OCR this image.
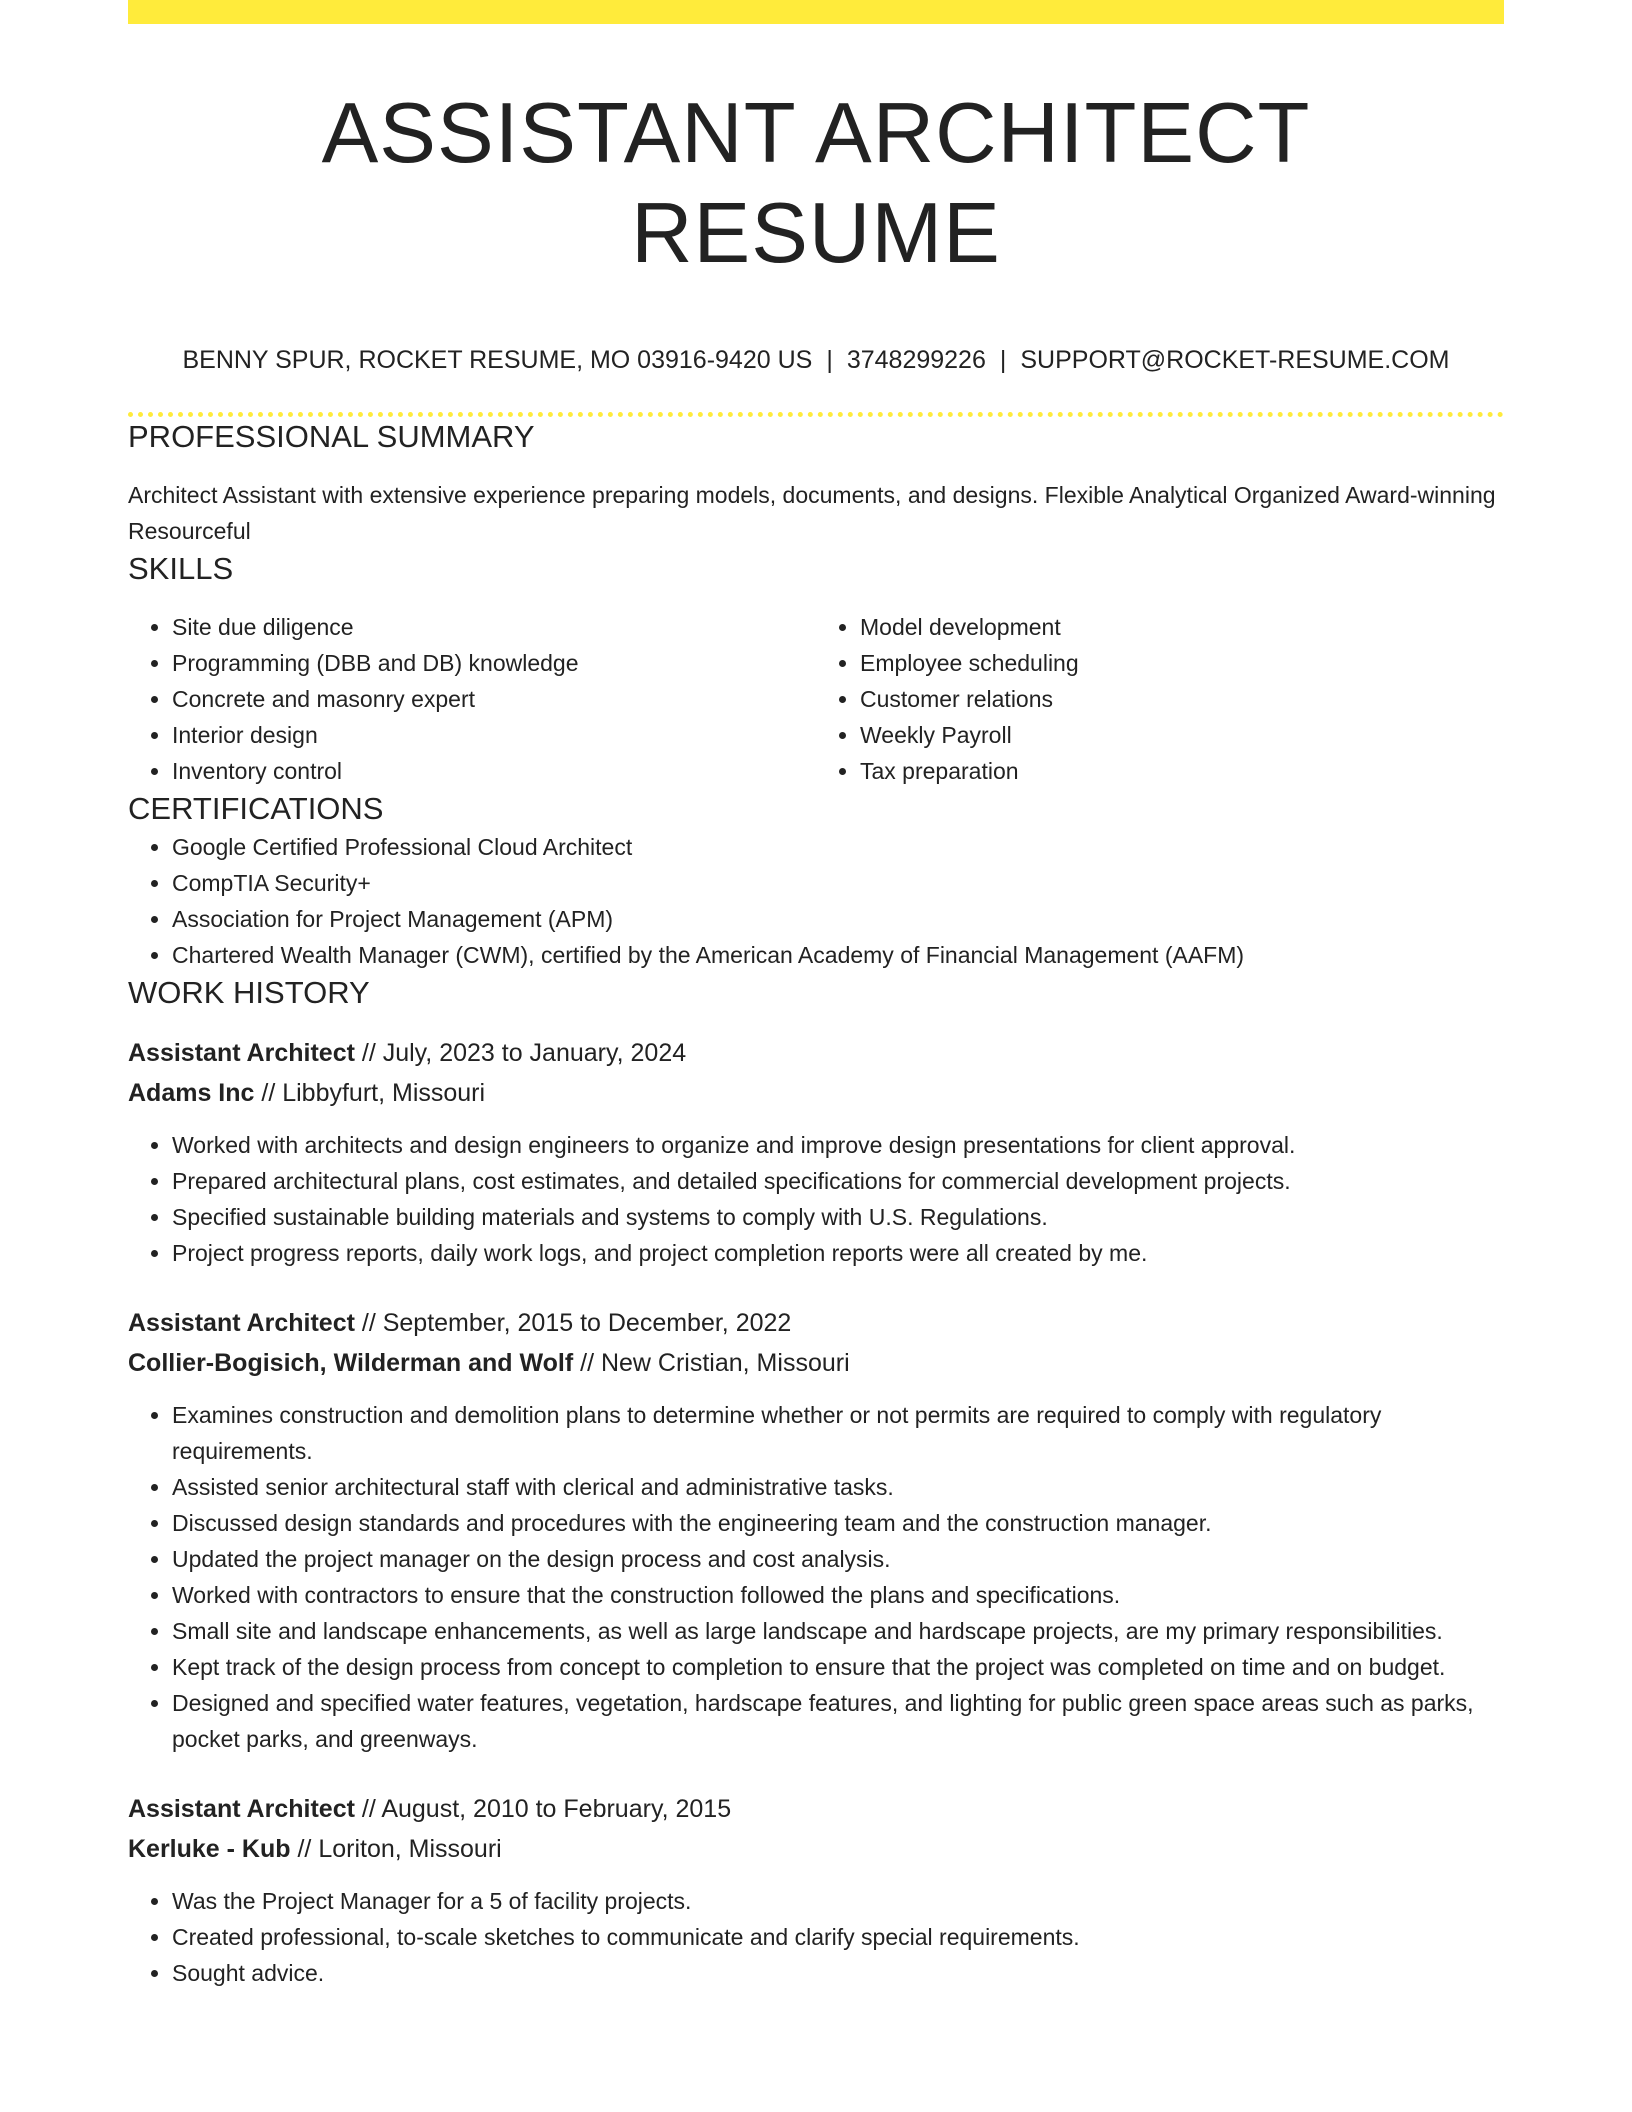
ASSISTANT ARCHITECT RESUME
BENNY SPUR, ROCKET RESUME, MO 03916-9420 US | 3748299226 | SUPPORT@ROCKET-RESUME.COM
PROFESSIONAL SUMMARY

Architect Assistant with extensive experience preparing models, documents, and designs. Flexible Analytical Organized Award-winning Resourceful

SKILLS
• Site due diligence
• Programming (DBB and DB) knowledge
• Concrete and masonry expert
• Interior design
• Inventory control
• Model development
• Employee scheduling
• Customer relations
• Weekly Payroll
• Tax preparation
CERTIFICATIONS
• Google Certified Professional Cloud Architect
• CompTIA Security+
• Association for Project Management (APM)
• Chartered Wealth Manager (CWM), certified by the American Academy of Financial Management (AAFM)
WORK HISTORY
Assistant Architect // July, 2023 to January, 2024
Adams Inc // Libbyfurt, Missouri
• Worked with architects and design engineers to organize and improve design presentations for client approval.
• Prepared architectural plans, cost estimates, and detailed specifications for commercial development projects.
• Specified sustainable building materials and systems to comply with U.S. Regulations.
• Project progress reports, daily work logs, and project completion reports were all created by me.
Assistant Architect // September, 2015 to December, 2022
Collier-Bogisich, Wilderman and Wolf // New Cristian, Missouri
• Examines construction and demolition plans to determine whether or not permits are required to comply with regulatory requirements.
• Assisted senior architectural staff with clerical and administrative tasks.
• Discussed design standards and procedures with the engineering team and the construction manager.
• Updated the project manager on the design process and cost analysis.
• Worked with contractors to ensure that the construction followed the plans and specifications.
• Small site and landscape enhancements, as well as large landscape and hardscape projects, are my primary responsibilities.
• Kept track of the design process from concept to completion to ensure that the project was completed on time and on budget.
• Designed and specified water features, vegetation, hardscape features, and lighting for public green space areas such as parks, pocket parks, and greenways.
Assistant Architect // August, 2010 to February, 2015
Kerluke - Kub // Loriton, Missouri
• Was the Project Manager for a 5 of facility projects.
• Created professional, to-scale sketches to communicate and clarify special requirements.
• Sought advice.
